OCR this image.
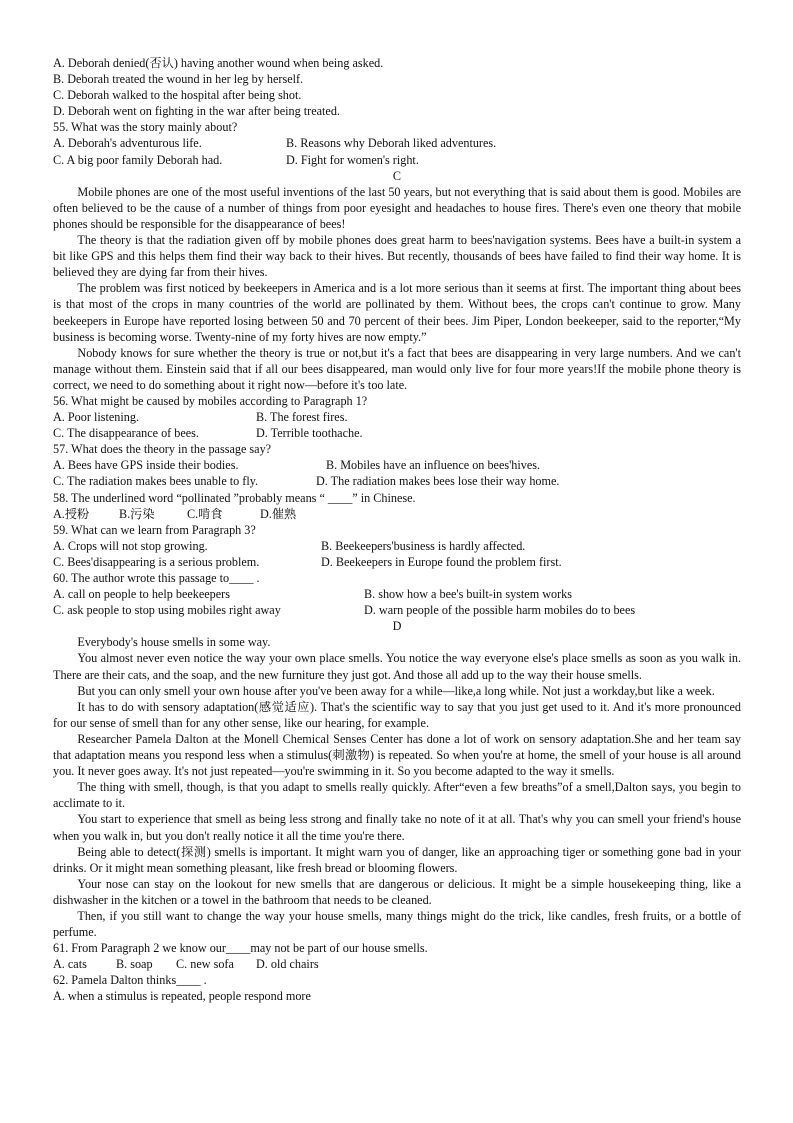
A. Deborah denied(否认) having another wound when being asked.
B. Deborah treated the wound in her leg by herself.
C. Deborah walked to the hospital after being shot.
D. Deborah went on fighting in the war after being treated.
55. What was the story mainly about?
A. Deborah's adventurous life.	B. Reasons why Deborah liked adventures.
C. A big poor family Deborah had.	D. Fight for women's right.
C
Mobile phones are one of the most useful inventions of the last 50 years, but not everything that is said about them is good. Mobiles are often believed to be the cause of a number of things from poor eyesight and headaches to house fires. There's even one theory that mobile phones should be responsible for the disappearance of bees!
The theory is that the radiation given off by mobile phones does great harm to bees'navigation systems. Bees have a built-in system a bit like GPS and this helps them find their way back to their hives. But recently, thousands of bees have failed to find their way home. It is believed they are dying far from their hives.
The problem was first noticed by beekeepers in America and is a lot more serious than it seems at first. The important thing about bees is that most of the crops in many countries of the world are pollinated by them. Without bees, the crops can't continue to grow. Many beekeepers in Europe have reported losing between 50 and 70 percent of their bees. Jim Piper, London beekeeper, said to the reporter,“My business is becoming worse. Twenty-nine of my forty hives are now empty.”
Nobody knows for sure whether the theory is true or not,but it's a fact that bees are disappearing in very large numbers. And we can't manage without them. Einstein said that if all our bees disappeared, man would only live for four more years!If the mobile phone theory is correct, we need to do something about it right now—before it's too late.
56. What might be caused by mobiles according to Paragraph 1?
A. Poor listening.	B. The forest fires.
C. The disappearance of bees.	D. Terrible toothache.
57. What does the theory in the passage say?
A. Bees have GPS inside their bodies.	B. Mobiles have an influence on bees'hives.
C. The radiation makes bees unable to fly.	D. The radiation makes bees lose their way home.
58. The underlined word “pollinated ”probably means “ ____” in Chinese.
A.授粉	B.污染	C.啃食	D.催熟
59. What can we learn from Paragraph 3?
A. Crops will not stop growing.	B. Beekeepers'business is hardly affected.
C. Bees'disappearing is a serious problem.	D. Beekeepers in Europe found the problem first.
60. The author wrote this passage to____ .
A. call on people to help beekeepers	B. show how a bee's built-in system works
C. ask people to stop using mobiles right away	D. warn people of the possible harm mobiles do to bees
D
Everybody's house smells in some way.
You almost never even notice the way your own place smells. You notice the way everyone else's place smells as soon as you walk in. There are their cats, and the soap, and the new furniture they just got. And those all add up to the way their house smells.
But you can only smell your own house after you've been away for a while—like,a long while. Not just a workday,but like a week.
It has to do with sensory adaptation(感觉适应). That's the scientific way to say that you just get used to it. And it's more pronounced for our sense of smell than for any other sense, like our hearing, for example.
Researcher Pamela Dalton at the Monell Chemical Senses Center has done a lot of work on sensory adaptation.She and her team say that adaptation means you respond less when a stimulus(刺激物) is repeated. So when you're at home, the smell of your house is all around you. It never goes away. It's not just repeated—you're swimming in it. So you become adapted to the way it smells.
The thing with smell, though, is that you adapt to smells really quickly. After“even a few breaths”of a smell,Dalton says, you begin to acclimate to it.
You start to experience that smell as being less strong and finally take no note of it at all. That's why you can smell your friend's house when you walk in, but you don't really notice it all the time you're there.
Being able to detect(探测) smells is important. It might warn you of danger, like an approaching tiger or something gone bad in your drinks. Or it might mean something pleasant, like fresh bread or blooming flowers.
Your nose can stay on the lookout for new smells that are dangerous or delicious. It might be a simple housekeeping thing, like a dishwasher in the kitchen or a towel in the bathroom that needs to be cleaned.
Then, if you still want to change the way your house smells, many things might do the trick, like candles, fresh fruits, or a bottle of perfume.
61. From Paragraph 2 we know our____may not be part of our house smells.
A. cats	B. soap	C. new sofa	D. old chairs
62. Pamela Dalton thinks____ .
A. when a stimulus is repeated, people respond more
